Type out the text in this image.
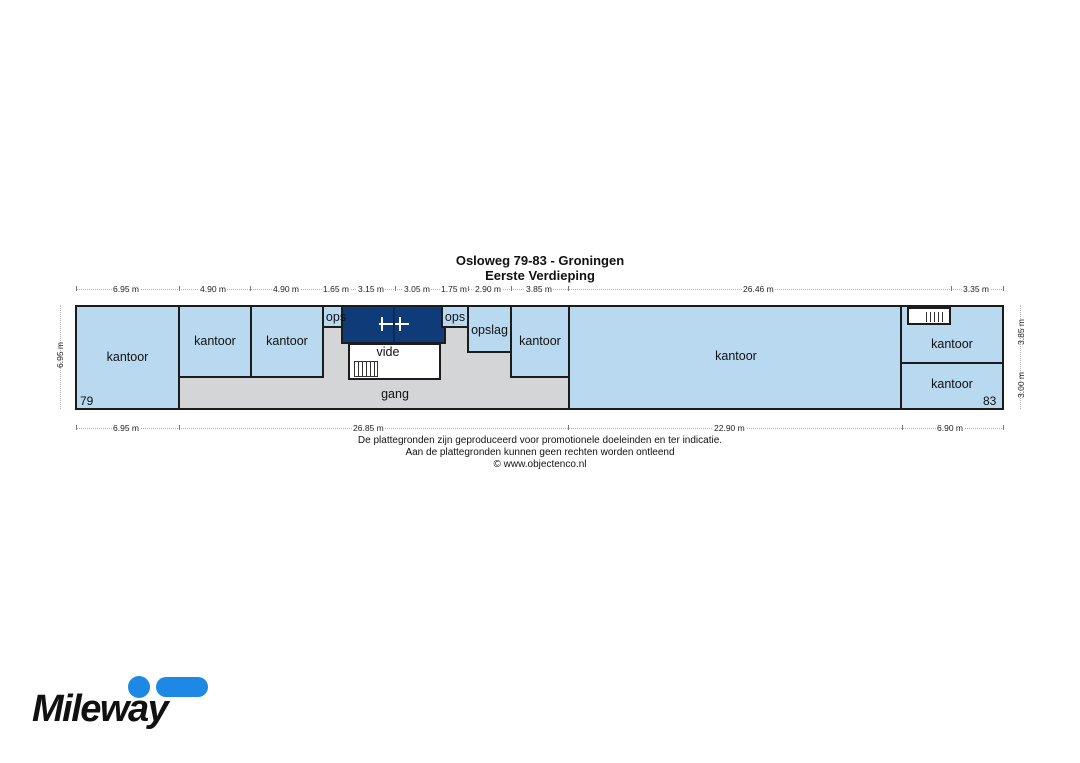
Osloweg 79-83 - Groningen
Eerste Verdieping
6.95 m	4.90 m	4.90 m	1.65 m 3.15 m 3.05 m 1.75 m 2.90 m	3.85 m	26.46 m	3.35 m
6.95 m
3.85 m
3.00 m
kantoor
kantoor	kantoor
ops
vide
ops
opslag
kantoor
kantoor
kantoor
kantoor
gang
79	83
6.95 m	26.85 m	22.90 m	6.90 m
De plattegronden zijn geproduceerd voor promotionele doeleinden en ter indicatie.
Aan de plattegronden kunnen geen rechten worden ontleend
© www.objectenco.nl
Mileway
